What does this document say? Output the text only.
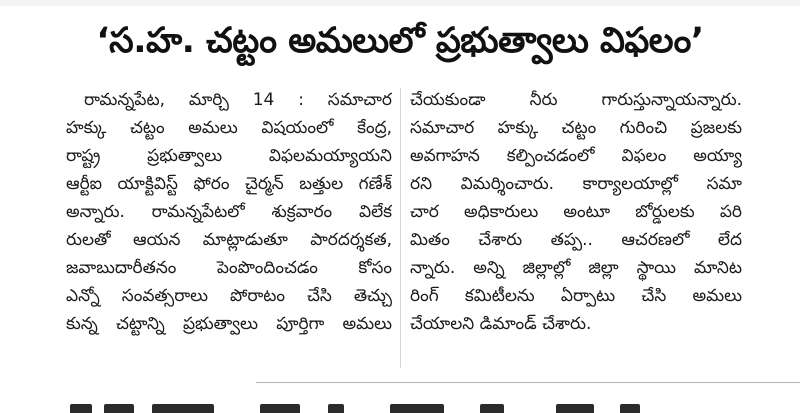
‘స.హ. చట్టం అమలులో ప్రభుత్వాలు విఫలం’
రామన్నపేట, మార్చి 14 : సమాచార
హక్కు చట్టం అమలు విషయంలో కేంద్ర,
రాష్ట్ర ప్రభుత్వాలు విఫలమయ్యాయని
ఆర్టీఐ యాక్టివిస్ట్ ఫోరం చైర్మన్ బత్తుల గణేశ్
అన్నారు. రామన్నపేటలో శుక్రవారం విలేక
రులతో ఆయన మాట్లాడుతూ పారదర్శకత,
జవాబుదారీతనం పెంపొందించడం కోసం
ఎన్నో సంవత్సరాలు పోరాటం చేసి తెచ్చు
కున్న చట్టాన్ని ప్రభుత్వాలు పూర్తిగా అమలు
చేయకుండా నీరు గారుస్తున్నాయన్నారు.
సమాచార హక్కు చట్టం గురించి ప్రజలకు
అవగాహన కల్పించడంలో విఫలం అయ్యా
రని విమర్శించారు. కార్యాలయాల్లో సమా
చార అధికారులు అంటూ బోర్డులకు పరి
మితం చేశారు తప్ప.. ఆచరణలో లేద
న్నారు. అన్ని జిల్లాల్లో జిల్లా స్థాయి మానిట
రింగ్ కమిటీలను ఏర్పాటు చేసి అమలు
చేయాలని డిమాండ్ చేశారు.
